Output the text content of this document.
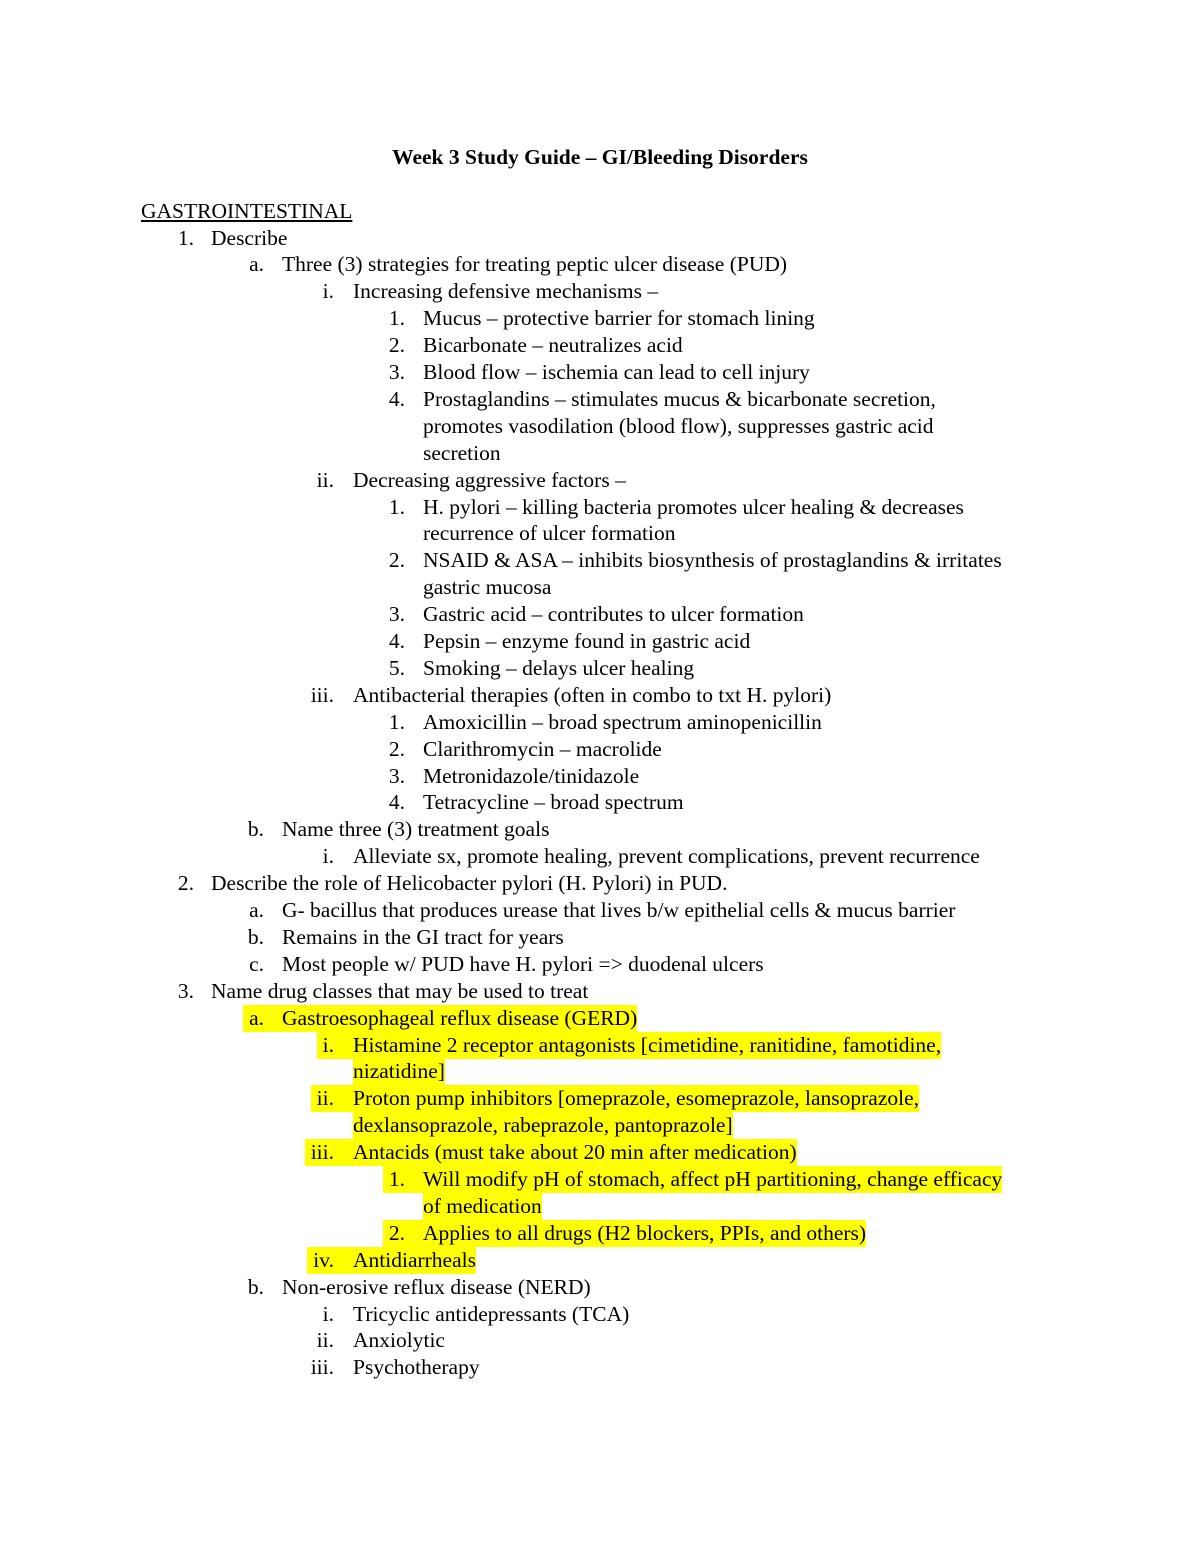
Week 3 Study Guide – GI/Bleeding Disorders
GASTROINTESTINAL
1. Describe
a. Three (3) strategies for treating peptic ulcer disease (PUD)
i. Increasing defensive mechanisms –
1. Mucus – protective barrier for stomach lining
2. Bicarbonate – neutralizes acid
3. Blood flow – ischemia can lead to cell injury
4. Prostaglandins – stimulates mucus & bicarbonate secretion,
promotes vasodilation (blood flow), suppresses gastric acid
secretion
ii. Decreasing aggressive factors –
1. H. pylori – killing bacteria promotes ulcer healing & decreases
recurrence of ulcer formation
2. NSAID & ASA – inhibits biosynthesis of prostaglandins & irritates
gastric mucosa
3. Gastric acid – contributes to ulcer formation
4. Pepsin – enzyme found in gastric acid
5. Smoking – delays ulcer healing
iii. Antibacterial therapies (often in combo to txt H. pylori)
1. Amoxicillin – broad spectrum aminopenicillin
2. Clarithromycin – macrolide
3. Metronidazole/tinidazole
4. Tetracycline – broad spectrum
b. Name three (3) treatment goals
i. Alleviate sx, promote healing, prevent complications, prevent recurrence
2. Describe the role of Helicobacter pylori (H. Pylori) in PUD.
a. G- bacillus that produces urease that lives b/w epithelial cells & mucus barrier
b. Remains in the GI tract for years
c. Most people w/ PUD have H. pylori => duodenal ulcers
3. Name drug classes that may be used to treat
a. Gastroesophageal reflux disease (GERD)
i. Histamine 2 receptor antagonists [cimetidine, ranitidine, famotidine,
nizatidine]
ii. Proton pump inhibitors [omeprazole, esomeprazole, lansoprazole,
dexlansoprazole, rabeprazole, pantoprazole]
iii. Antacids (must take about 20 min after medication)
1. Will modify pH of stomach, affect pH partitioning, change efficacy
of medication
2. Applies to all drugs (H2 blockers, PPIs, and others)
iv. Antidiarrheals
b. Non-erosive reflux disease (NERD)
i. Tricyclic antidepressants (TCA)
ii. Anxiolytic
iii. Psychotherapy
